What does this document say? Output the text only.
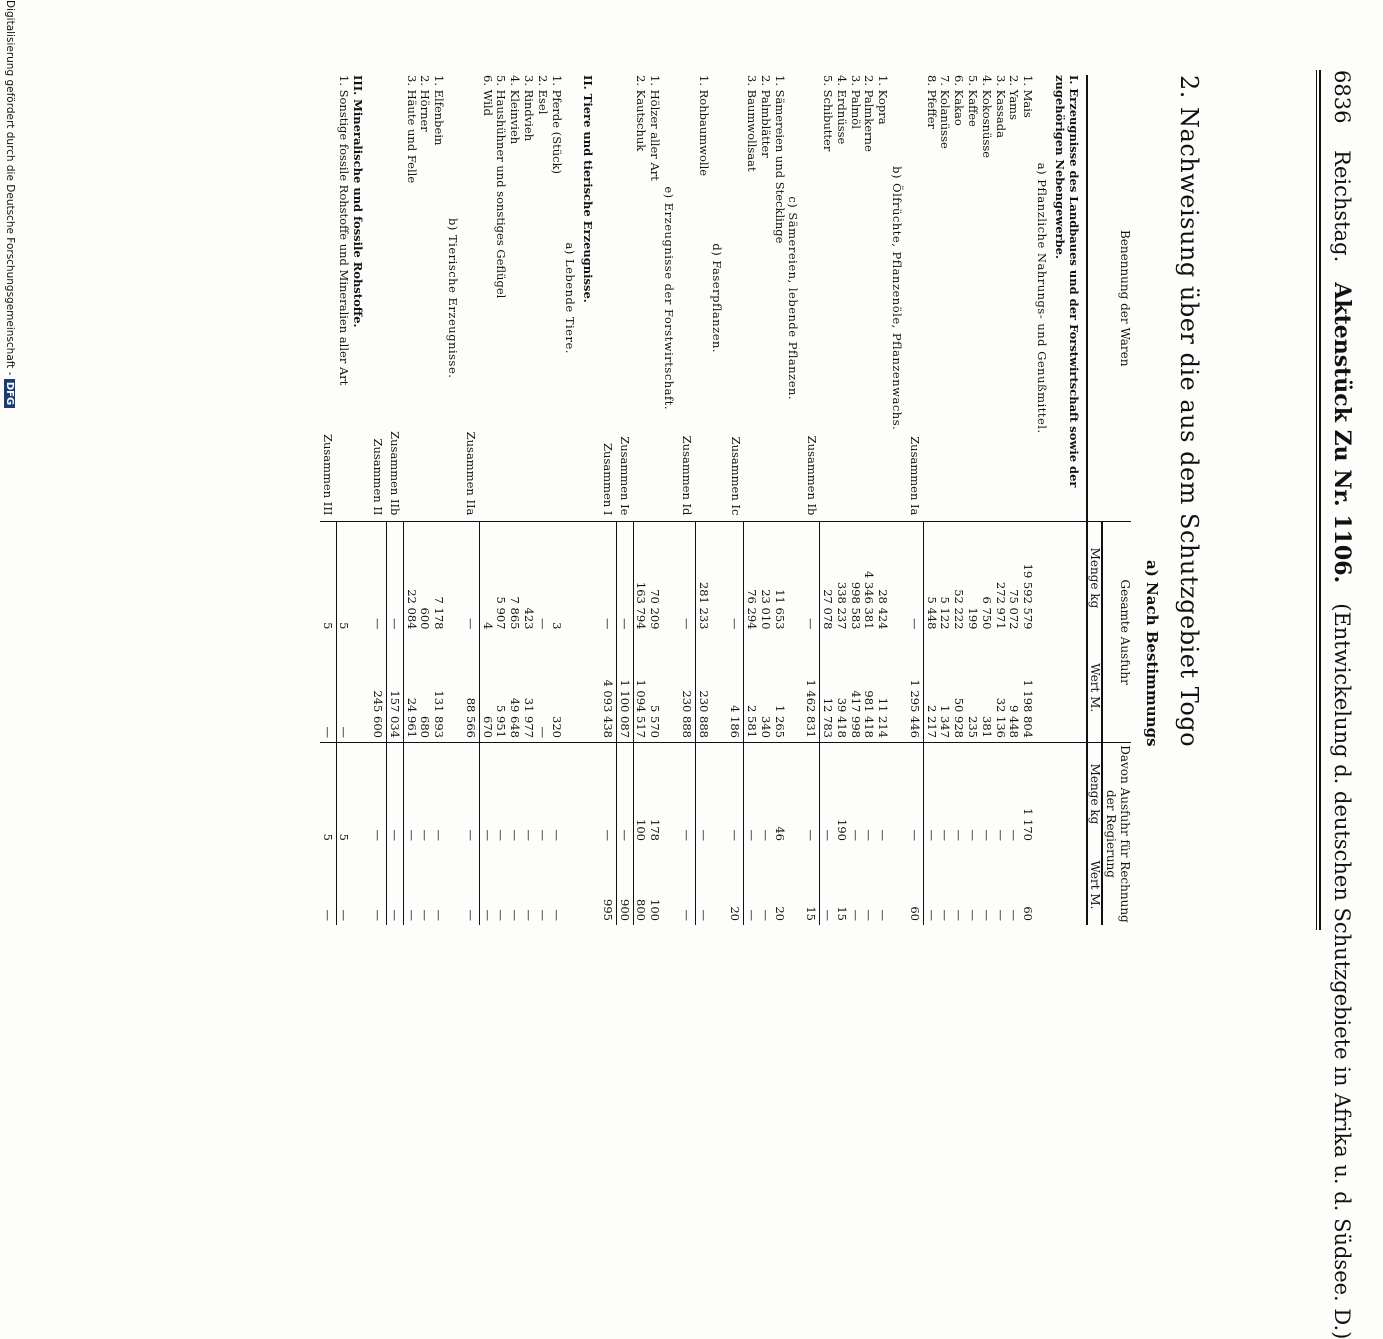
6836    Reichstag.   Aktenstück Zu Nr. 1106.   (Entwickelung d. deutschen Schutzgebiete in Afrika u. d. Südsee. D.)
2. Nachweisung über die aus dem Schutzgebiet Togo
a) Nach Bestimmungs
Benennung der Waren	Gesamte Ausfuhr		Davon Ausfuhr für Rechnung der Regierung	
	Menge kg	Wert M.	Menge kg	Wert M.
I. Erzeugnisse des Landbaues und der Forstwirtschaft sowie der zugehörigen Nebengewerbe.				
a) Pflanzliche Nahrungs- und Genußmittel.				
1. Mais	19 592 579	1 198 804	1 170	60
2. Yams	75 072	9 448	—	—
3. Kassada	272 971	32 136	—	—
4. Kokosnüsse	6 750	381	—	—
5. Kaffee	199	235	—	—
6. Kakao	52 222	50 928	—	—
7. Kolanüsse	5 122	1 347	—	—
8. Pfeffer	5 448	2 217	—	—
Zusammen Ia	—	1 295 446	—	60
b) Ölfrüchte, Pflanzenöle, Pflanzenwachs.				
1. Kopra	28 424	11 214	—	—
2. Palmkerne	4 346 381	981 418	—	—
3. Palmöl	998 583	417 998	—	—
4. Erdnüsse	338 237	39 418	190	15
5. Schibutter	27 078	12 783	—	—
Zusammen Ib	—	1 462 831	—	15
c) Sämereien, lebende Pflanzen.				
1. Sämereien und Stecklinge	11 653	1 265	46	20
2. Palmblätter	23 010	340	—	—
3. Baumwollsaat	76 294	2 581	—	—
Zusammen Ic	—	4 186	—	20
d) Faserpflanzen.				
1. Rohbaumwolle	281 233	230 888	—	—
Zusammen Id	—	230 888	—	—
e) Erzeugnisse der Forstwirtschaft.				
1. Hölzer aller Art	70 209	5 570	178	100
2. Kautschuk	163 794	1 094 517	100	800
Zusammen Ie	—	1 100 087	—	900
Zusammen I	—	4 093 438	—	995
II. Tiere und tierische Erzeugnisse.				
a) Lebende Tiere.				
1. Pferde (Stück)	3	320	—	—
2. Esel	—	—	—	—
3. Rindvieh	423	31 977	—	—
4. Kleinvieh	7 865	49 648	—	—
5. Haushühner und sonstiges Geflügel	5 907	5 951	—	—
6. Wild	4	670	—	—
Zusammen IIa	—	88 566	—	—
b) Tierische Erzeugnisse.				
1. Elfenbein	7 178	131 893	—	—
2. Hörner	600	680	—	—
3. Häute und Felle	22 084	24 961	—	—
Zusammen IIb	—	157 034	—	—
Zusammen II	—	245 600	—	—
III. Mineralische und fossile Rohstoffe.				
1. Sonstige fossile Rohstoffe und Mineralien aller Art	5	—	5	—
Zusammen III	5	—	5	—
Digitalisierung gefördert durch die Deutsche Forschungsgemeinschaft - DFG
